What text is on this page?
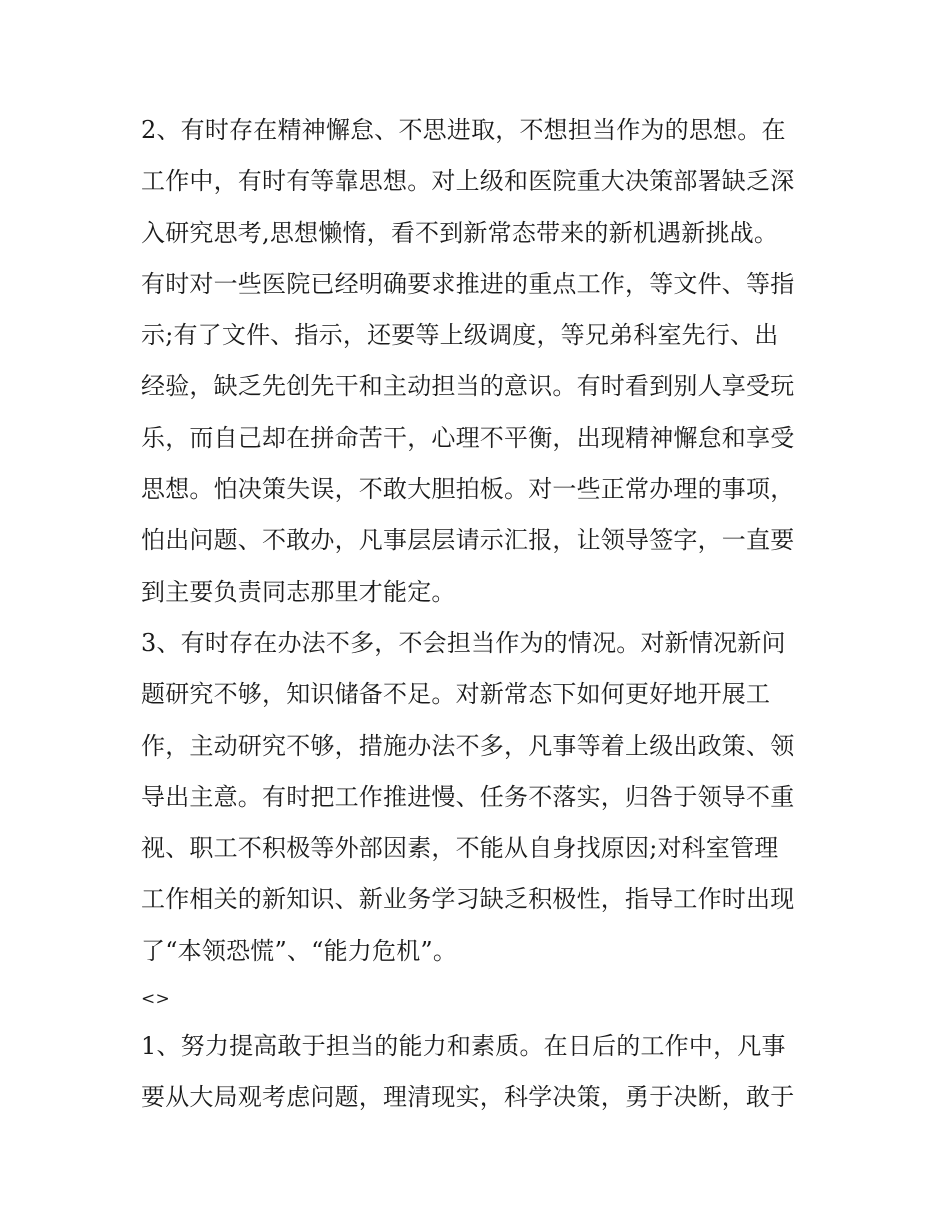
2、有时存在精神懈怠、不思进取，不想担当作为的思想。在
工作中，有时有等靠思想。对上级和医院重大决策部署缺乏深
入研究思考,思想懒惰，看不到新常态带来的新机遇新挑战。
有时对一些医院已经明确要求推进的重点工作，等文件、等指
示;有了文件、指示，还要等上级调度，等兄弟科室先行、出
经验，缺乏先创先干和主动担当的意识。有时看到别人享受玩
乐，而自己却在拼命苦干，心理不平衡，出现精神懈怠和享受
思想。怕决策失误，不敢大胆拍板。对一些正常办理的事项，
怕出问题、不敢办，凡事层层请示汇报，让领导签字，一直要
到主要负责同志那里才能定。
3、有时存在办法不多，不会担当作为的情况。对新情况新问
题研究不够，知识储备不足。对新常态下如何更好地开展工
作，主动研究不够，措施办法不多，凡事等着上级出政策、领
导出主意。有时把工作推进慢、任务不落实，归咎于领导不重
视、职工不积极等外部因素，不能从自身找原因;对科室管理
工作相关的新知识、新业务学习缺乏积极性，指导工作时出现
了“本领恐慌”、“能力危机”。
<>
1、努力提高敢于担当的能力和素质。在日后的工作中，凡事
要从大局观考虑问题，理清现实，科学决策，勇于决断，敢于
